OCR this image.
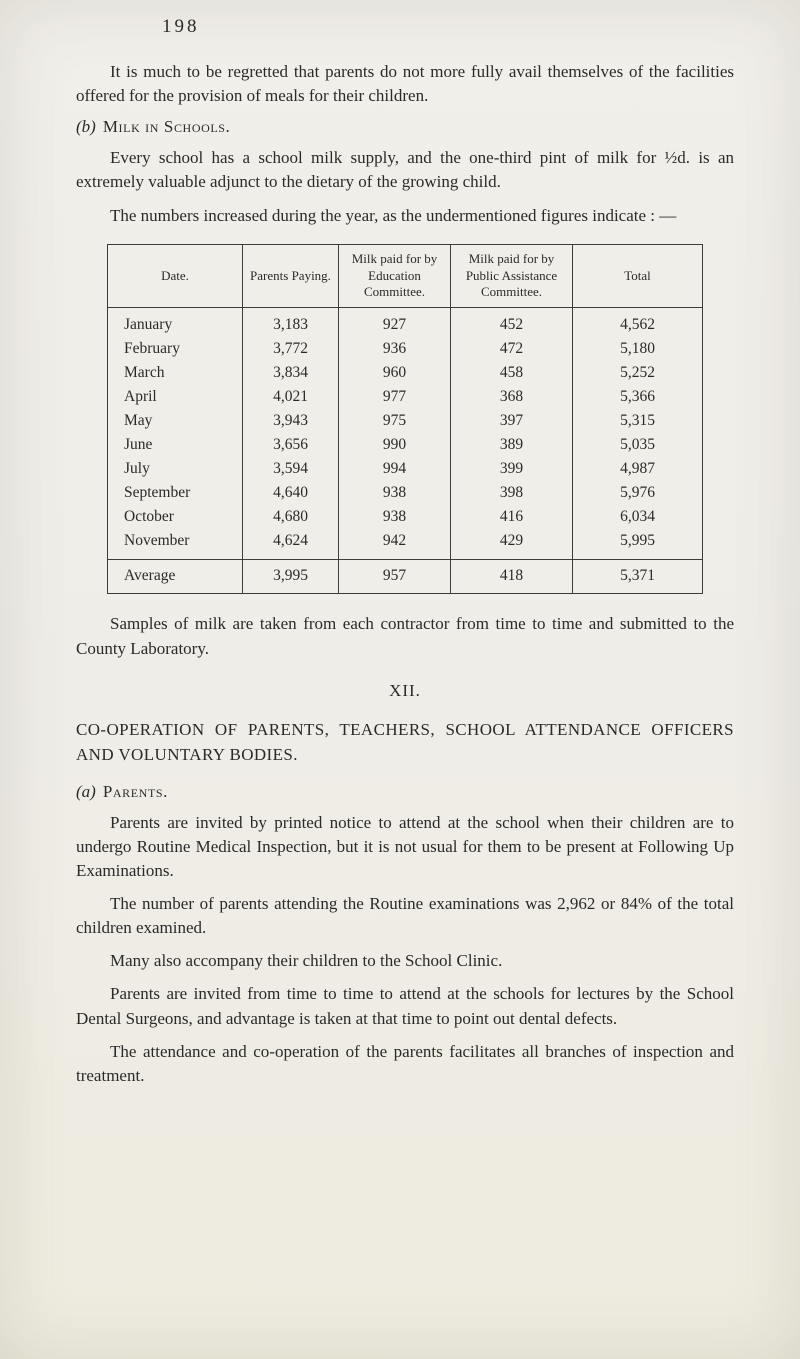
198

It is much to be regretted that parents do not more fully avail themselves of the facilities offered for the provision of meals for their children.

(b) Milk in Schools.

Every school has a school milk supply, and the one-third pint of milk for ½d. is an extremely valuable adjunct to the dietary of the growing child.

The numbers increased during the year, as the undermentioned figures indicate : —

Date.	Parents Paying.	Milk paid for by Education Committee.	Milk paid for by Public Assistance Committee.	Total
January	3,183	927	452	4,562
February	3,772	936	472	5,180
March	3,834	960	458	5,252
April	4,021	977	368	5,366
May	3,943	975	397	5,315
June	3,656	990	389	5,035
July	3,594	994	399	4,987
September	4,640	938	398	5,976
October	4,680	938	416	6,034
November	4,624	942	429	5,995
Average	3,995	957	418	5,371

Samples of milk are taken from each contractor from time to time and submitted to the County Laboratory.

XII.
CO-OPERATION OF PARENTS, TEACHERS, SCHOOL ATTENDANCE OFFICERS AND VOLUNTARY BODIES.
(a) Parents.

Parents are invited by printed notice to attend at the school when their children are to undergo Routine Medical Inspection, but it is not usual for them to be present at Following Up Examinations.

The number of parents attending the Routine examinations was 2,962 or 84% of the total children examined.

Many also accompany their children to the School Clinic.

Parents are invited from time to time to attend at the schools for lectures by the School Dental Surgeons, and advantage is taken at that time to point out dental defects.

The attendance and co-operation of the parents facilitates all branches of inspection and treatment.
